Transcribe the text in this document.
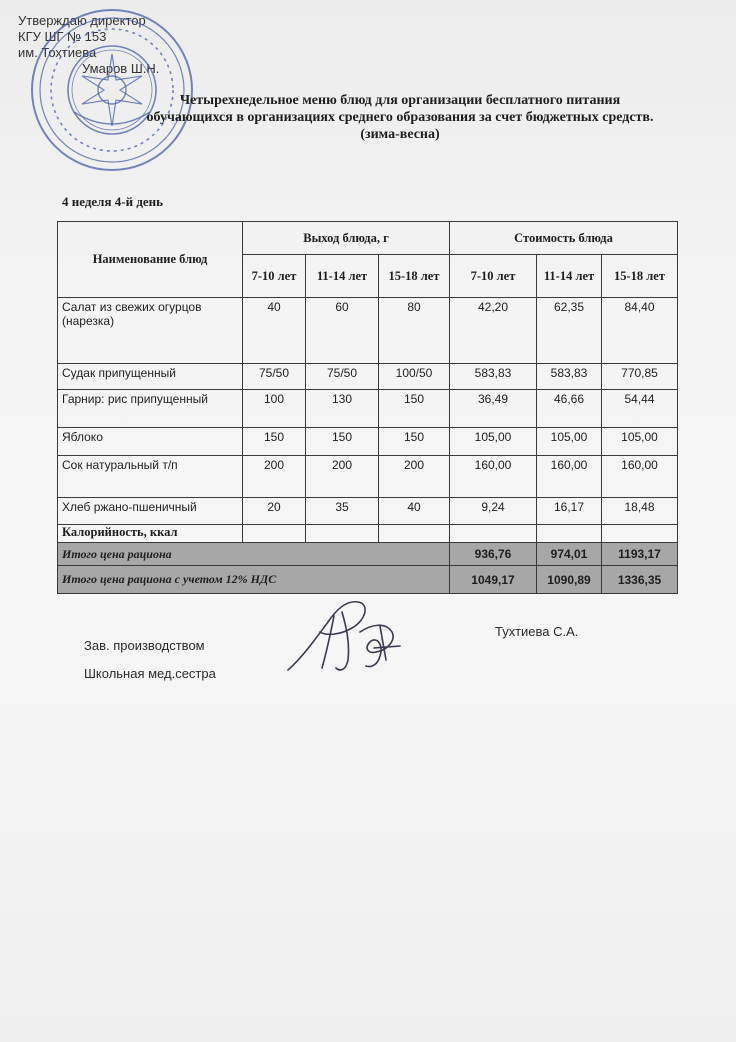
Утверждаю директор
КГУ ШГ № 153
им. Тохтиева
Умаров Ш.Н.
Четырехнедельное меню блюд для организации бесплатного питания
обучающихся в организациях среднего образования за счет бюджетных средств.
(зима-весна)
4 неделя 4-й день
Наименование блюд	Выход блюда, г			Стоимость блюда		
	7-10 лет	11-14 лет	15-18 лет	7-10 лет	11-14 лет	15-18 лет
Салат из свежих огурцов (нарезка)	40	60	80	42,20	62,35	84,40
Судак припущенный	75/50	75/50	100/50	583,83	583,83	770,85
Гарнир: рис припущенный	100	130	150	36,49	46,66	54,44
Яблоко	150	150	150	105,00	105,00	105,00
Сок натуральный т/п	200	200	200	160,00	160,00	160,00
Хлеб ржано-пшеничный	20	35	40	9,24	16,17	18,48
Калорийность, ккал						
Итого цена рациона				936,76	974,01	1193,17
Итого цена рациона с учетом 12% НДС				1049,17	1090,89	1336,35
Зав. производством
Школьная мед.сестра
Тухтиева С.А.
